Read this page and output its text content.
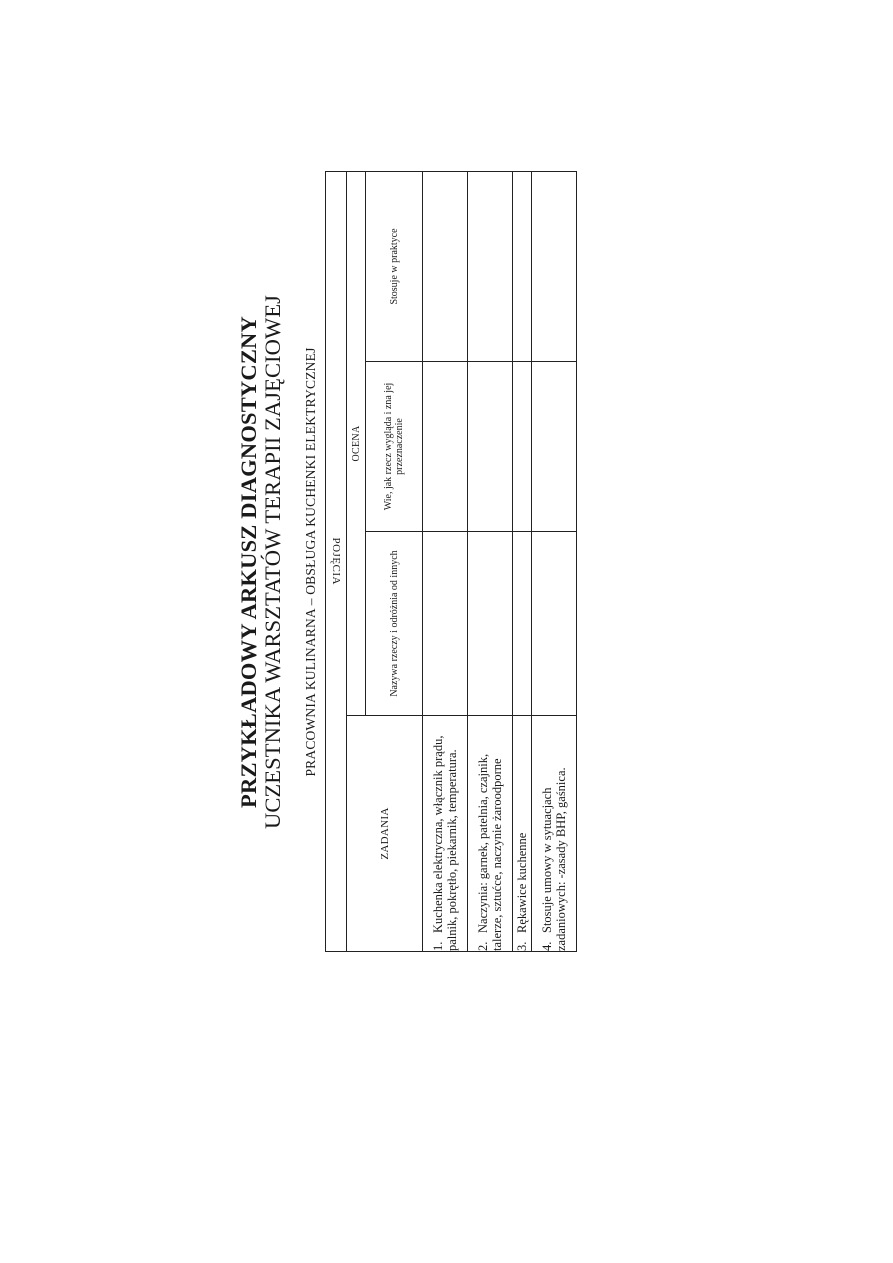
PRZYKŁADOWY ARKUSZ DIAGNOSTYCZNY UCZESTNIKA WARSZTATÓW TERAPII ZAJĘCIOWEJ PRACOWNIA KULINARNA – OBSŁUGA KUCHENKI ELEKTRYCZNEJ POJĘCIA			
ZADANIA	OCENA		
	Nazywa rzeczy i odróżnia od innych	Wie, jak rzecz wygląda i zna jej przeznaczenie	Stosuje w praktyce
1.Kuchenka elektryczna, włącznik prądu, palnik, pokrętło, piekarnik, temperatura.			
2.Naczynia: garnek, patelnia, czajnik, talerze, sztućce, naczynie żaroodporne			
3.Rękawice kuchenne			
4.Stosuje umowy w sytuacjach zadaniowych: -zasady BHP, gaśnica.			
